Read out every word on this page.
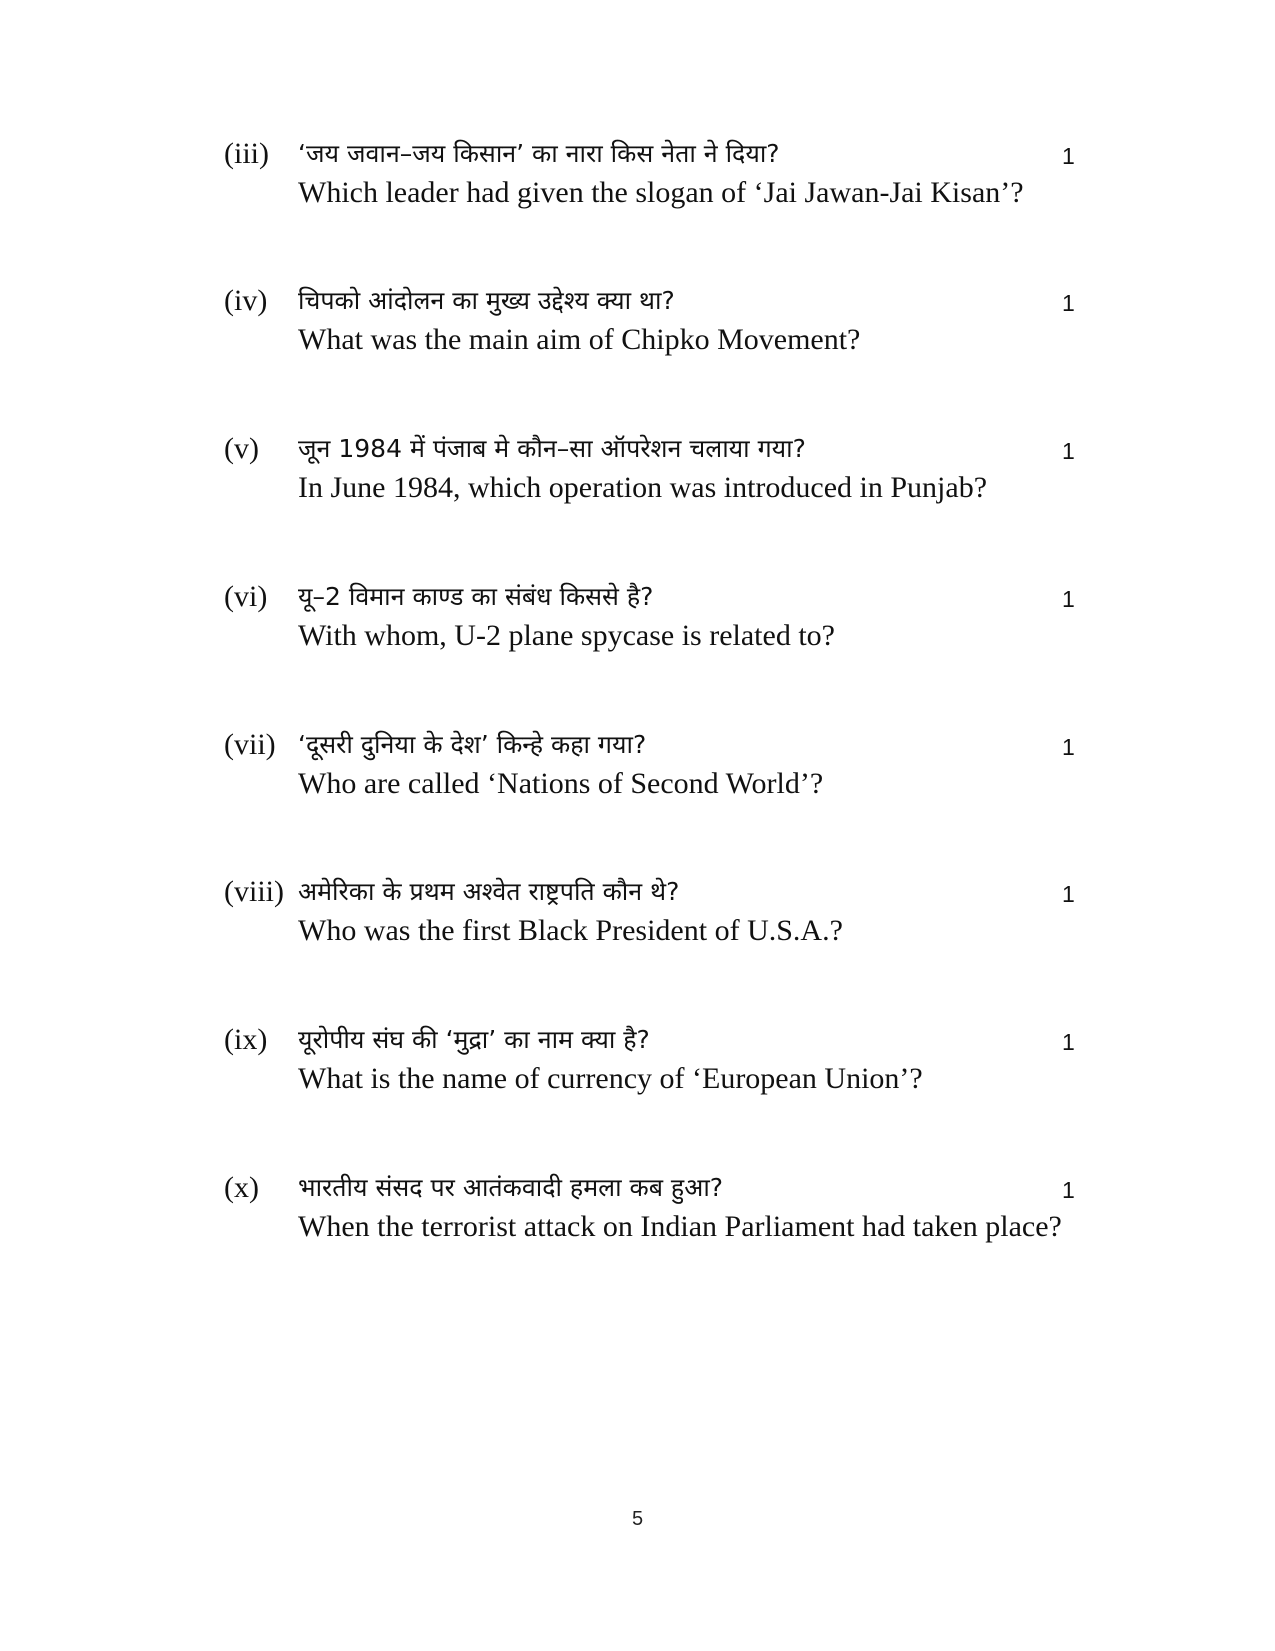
(iii) ‘जय जवान–जय किसान’ का नारा किस नेता ने दिया?	1
Which leader had given the slogan of ‘Jai Jawan-Jai Kisan’?
(iv) चिपको आंदोलन का मुख्य उद्देश्य क्या था?	1
What was the main aim of Chipko Movement?
(v) जून 1984 में पंजाब मे कौन–सा ऑपरेशन चलाया गया?	1
In June 1984, which operation was introduced in Punjab?
(vi) यू–2 विमान काण्ड का संबंध किससे है?	1
With whom, U-2 plane spycase is related to?
(vii) ‘दूसरी दुनिया के देश’ किन्हे कहा गया?	1
Who are called ‘Nations of Second World’?
(viii) अमेरिका के प्रथम अश्वेत राष्ट्रपति कौन थे?	1
Who was the first Black President of U.S.A.?
(ix) यूरोपीय संघ की ‘मुद्रा’ का नाम क्या है?	1
What is the name of currency of ‘European Union’?
(x) भारतीय संसद पर आतंकवादी हमला कब हुआ?	1
When the terrorist attack on Indian Parliament had taken place?
5
